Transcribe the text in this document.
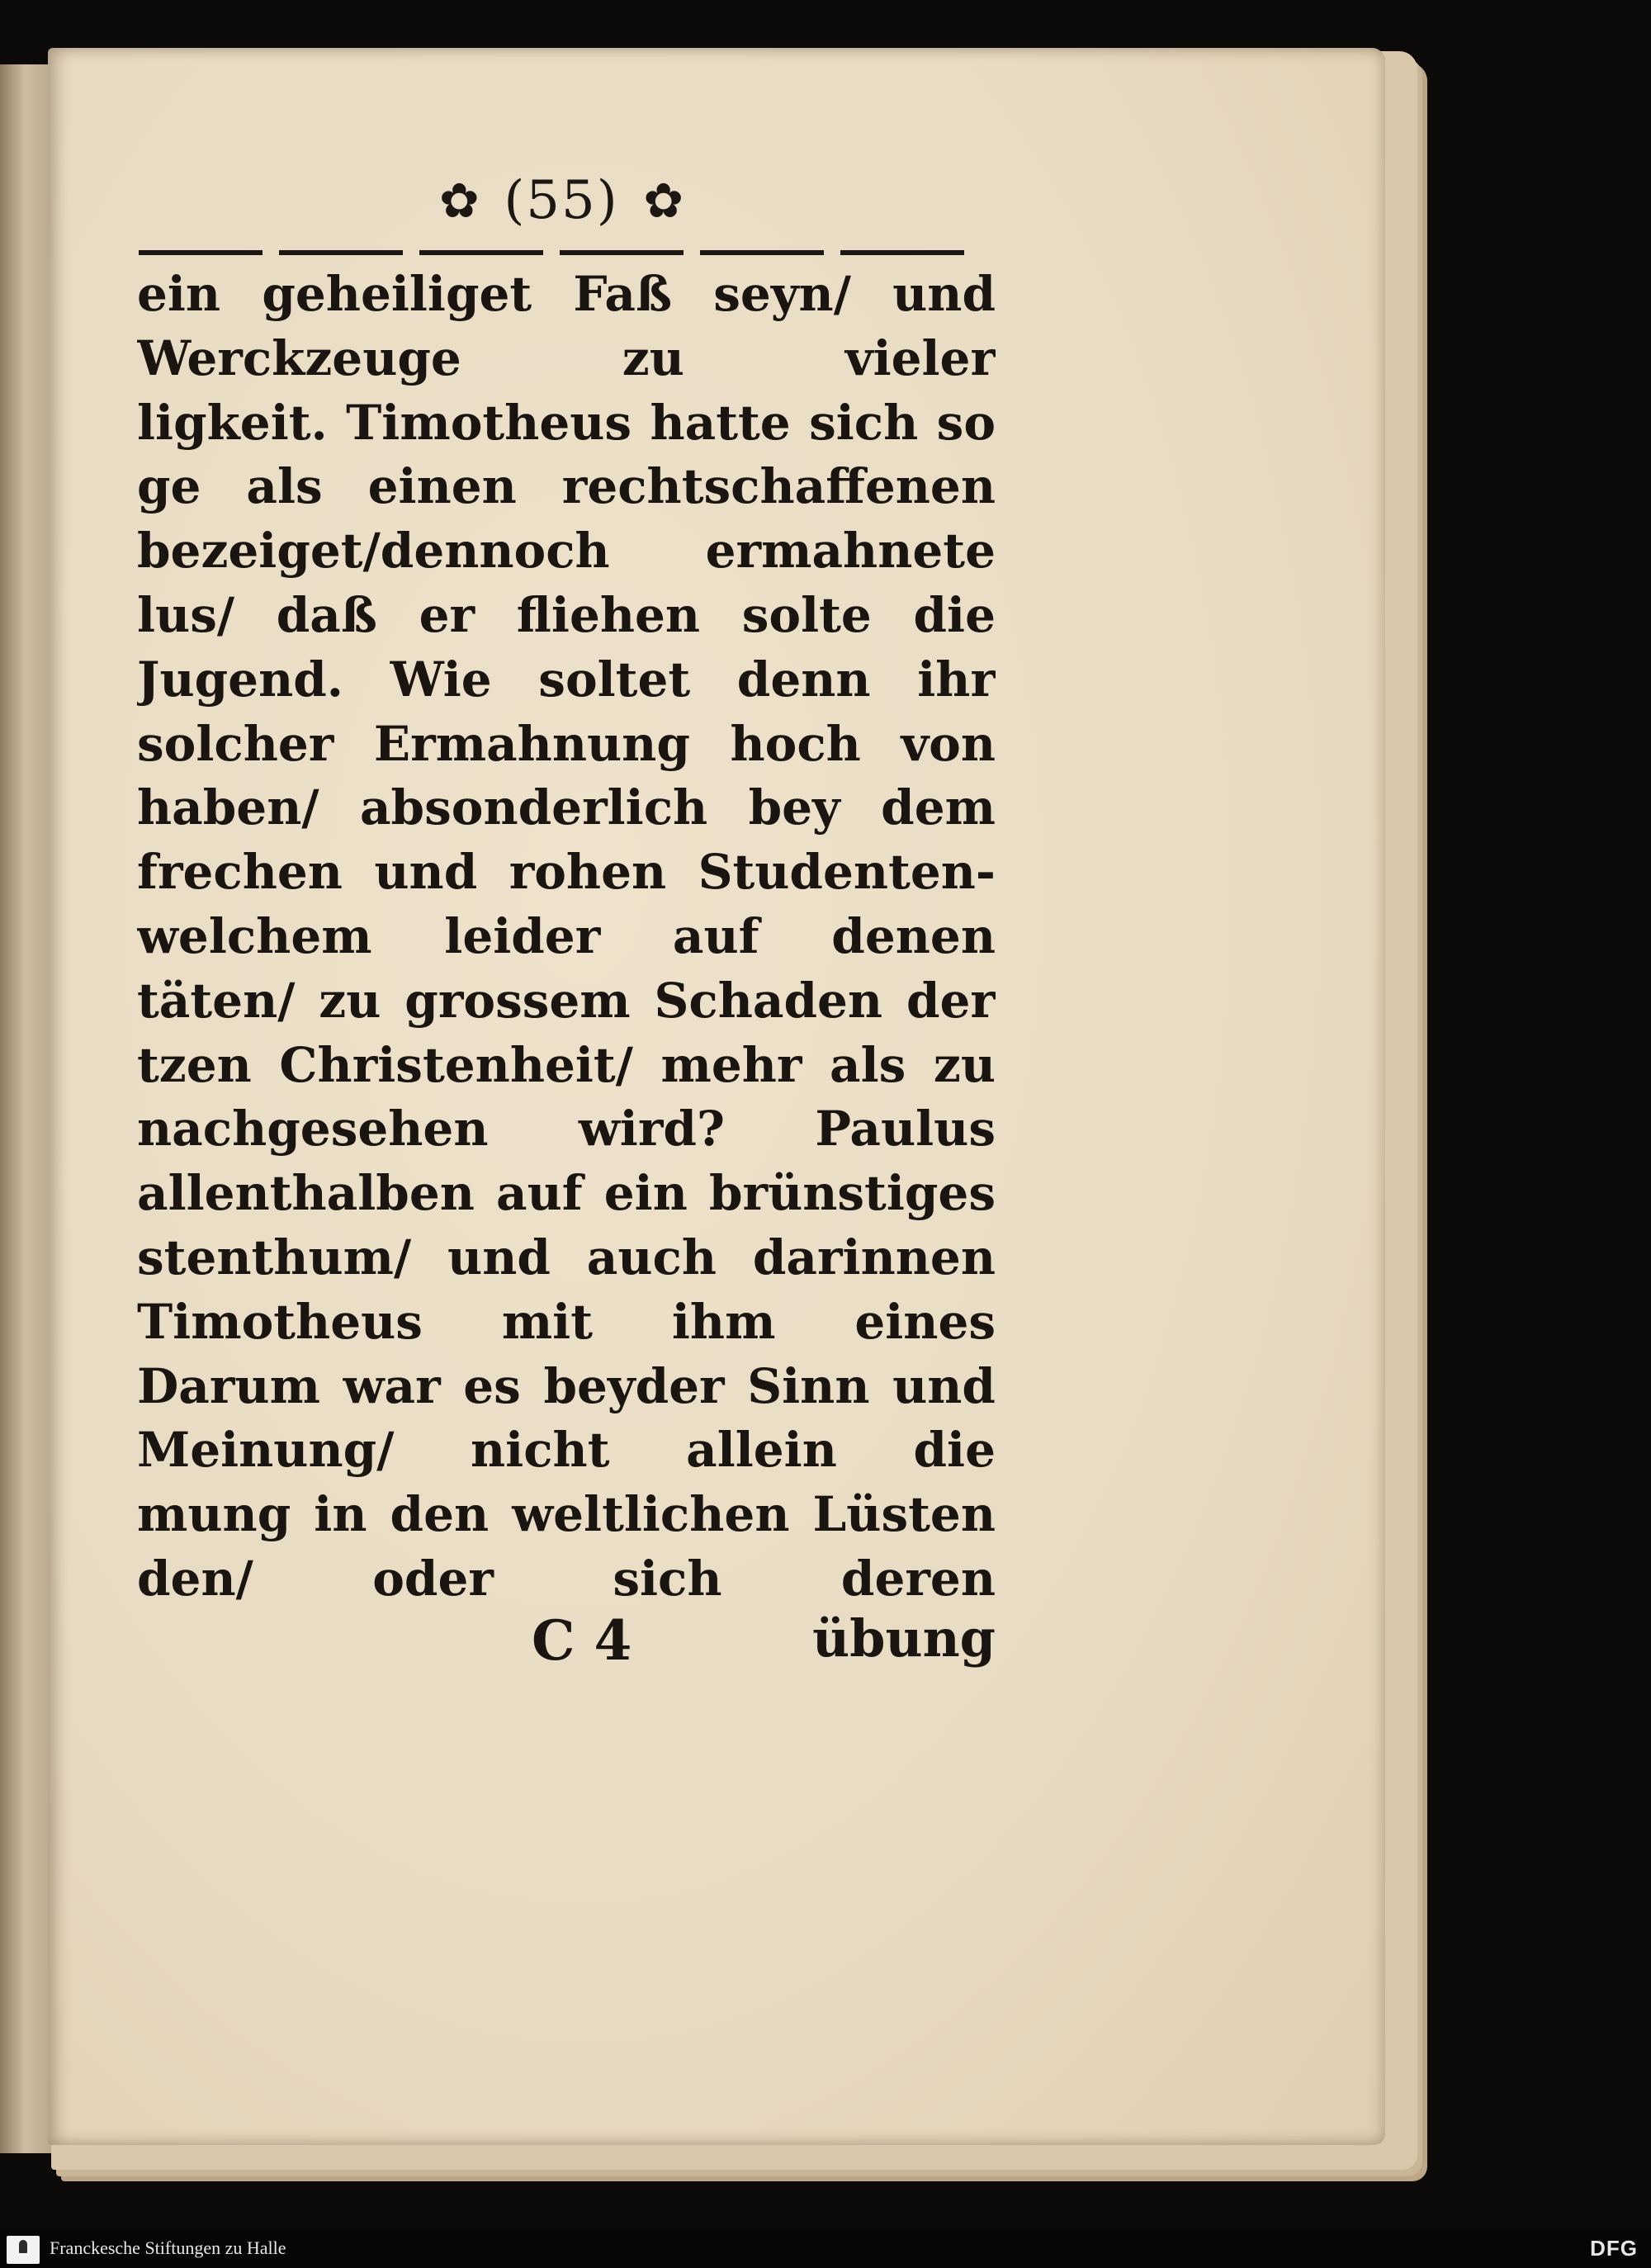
✿ (55) ✿
ein geheiliget Faß seyn/ und
Werckzeuge zu vieler
ligkeit. Timotheus hatte sich so
ge als einen rechtschaffenen
bezeiget/dennoch ermahnete
lus/ daß er fliehen solte die
Jugend. Wie soltet denn ihr
solcher Ermahnung hoch von
haben/ absonderlich bey dem
frechen und rohen Studenten-
welchem leider auf denen
täten/ zu grossem Schaden der
tzen Christenheit/ mehr als zu
nachgesehen wird? Paulus
allenthalben auf ein brünstiges
stenthum/ und auch darinnen
Timotheus mit ihm eines
Darum war es beyder Sinn und
Meinung/ nicht allein die
mung in den weltlichen Lüsten
den/ oder sich deren
C 4	übung
Franckesche Stiftungen zu Halle	DFG
